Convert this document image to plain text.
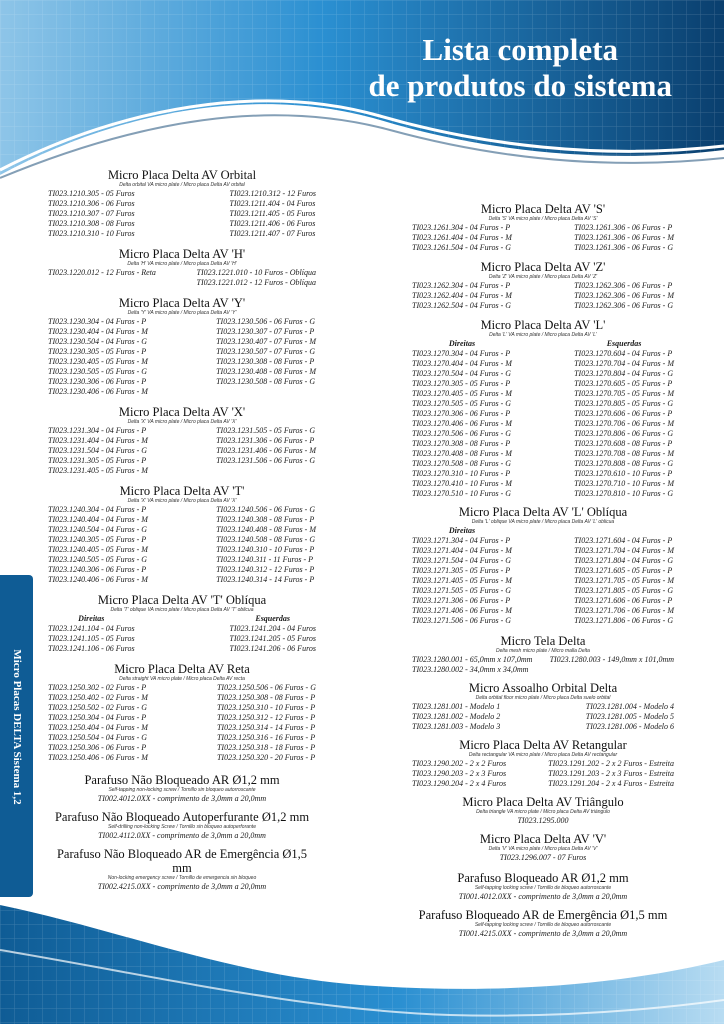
Lista completa
de produtos do sistema
Micro Placas DELTA Sistema 1,2
Micro Placa Delta AV Orbital
Delta orbital VA micro plate / Micro placa Delta AV orbital
TI023.1210.305 - 05 Furos
TI023.1210.306 - 06 Furos
TI023.1210.307 - 07 Furos
TI023.1210.308 - 08 Furos
TI023.1210.310 - 10 Furos
TI023.1210.312 - 12 Furos
TI023.1211.404 - 04 Furos
TI023.1211.405 - 05 Furos
TI023.1211.406 - 06 Furos
TI023.1211.407 - 07 Furos
Micro Placa Delta AV 'H'
Delta 'H' VA micro plate / Micro placa Delta AV 'H'
TI023.1220.012 - 12 Furos - Reta	TI023.1221.010 - 10 Furos - Oblíqua
TI023.1221.012 - 12 Furos - Oblíqua
Micro Placa Delta AV 'Y'
Delta 'Y' VA micro plate / Micro placa Delta AV 'Y'
TI023.1230.304 - 04 Furos - P
TI023.1230.404 - 04 Furos - M
TI023.1230.504 - 04 Furos - G
TI023.1230.305 - 05 Furos - P
TI023.1230.405 - 05 Furos - M
TI023.1230.505 - 05 Furos - G
TI023.1230.306 - 06 Furos - P
TI023.1230.406 - 06 Furos - M
TI023.1230.506 - 06 Furos - G
TI023.1230.307 - 07 Furos - P
TI023.1230.407 - 07 Furos - M
TI023.1230.507 - 07 Furos - G
TI023.1230.308 - 08 Furos - P
TI023.1230.408 - 08 Furos - M
TI023.1230.508 - 08 Furos - G
Micro Placa Delta AV 'X'
Delta 'X' VA micro plate / Micro placa Delta AV 'X'
TI023.1231.304 - 04 Furos - P
TI023.1231.404 - 04 Furos - M
TI023.1231.504 - 04 Furos - G
TI023.1231.305 - 05 Furos - P
TI023.1231.405 - 05 Furos - M
TI023.1231.505 - 05 Furos - G
TI023.1231.306 - 06 Furos - P
TI023.1231.406 - 06 Furos - M
TI023.1231.506 - 06 Furos - G
Micro Placa Delta AV 'T'
Delta 'X' VA micro plate / Micro placa Delta AV 'X'
TI023.1240.304 - 04 Furos - P
TI023.1240.404 - 04 Furos - M
TI023.1240.504 - 04 Furos - G
TI023.1240.305 - 05 Furos - P
TI023.1240.405 - 05 Furos - M
TI023.1240.505 - 05 Furos - G
TI023.1240.306 - 06 Furos - P
TI023.1240.406 - 06 Furos - M
TI023.1240.506 - 06 Furos - G
TI023.1240.308 - 08 Furos - P
TI023.1240.408 - 08 Furos - M
TI023.1240.508 - 08 Furos - G
TI023.1240.310 - 10 Furos - P
TI023.1240.311 - 11 Furos - P
TI023.1240.312 - 12 Furos - P
TI023.1240.314 - 14 Furos - P
Micro Placa Delta AV 'T' Oblíqua
Delta 'T' oblique VA micro plate / Micro placa Delta AV 'T' oblicua
Direitas
TI023.1241.104 - 04 Furos
TI023.1241.105 - 05 Furos
TI023.1241.106 - 06 Furos
Esquerdas
TI023.1241.204 - 04 Furos
TI023.1241.205 - 05 Furos
TI023.1241.206 - 06 Furos
Micro Placa Delta AV Reta
Delta straight VA micro plate / Micro placa Delta AV recta
TI023.1250.302 - 02 Furos - P
TI023.1250.402 - 02 Furos - M
TI023.1250.502 - 02 Furos - G
TI023.1250.304 - 04 Furos - P
TI023.1250.404 - 04 Furos - M
TI023.1250.504 - 04 Furos - G
TI023.1250.306 - 06 Furos - P
TI023.1250.406 - 06 Furos - M
TI023.1250.506 - 06 Furos - G
TI023.1250.308 - 08 Furos - P
TI023.1250.310 - 10 Furos - P
TI023.1250.312 - 12 Furos - P
TI023.1250.314 - 14 Furos - P
TI023.1250.316 - 16 Furos - P
TI023.1250.318 - 18 Furos - P
TI023.1250.320 - 20 Furos - P
Parafuso Não Bloqueado AR Ø1,2 mm
Self-tapping non-locking screw / Tornillo sin bloqueo autorroscante
TI002.4012.0XX - comprimento de 3,0mm a 20,0mm
Parafuso Não Bloqueado Autoperfurante Ø1,2 mm
Self-drilling non-locking Screw / Tornillo sin bloqueo autoperforante
TI002.4112.0XX - comprimento de 3,0mm a 20,0mm
Parafuso Não Bloqueado AR de Emergência Ø1,5 mm
Non-locking emergency screw / Tornillo de emergencia sin bloqueo
TI002.4215.0XX - comprimento de 3,0mm a 20,0mm
Micro Placa Delta AV 'S'
Delta 'S' VA micro plate / Micro placa Delta AV 'S'
TI023.1261.304 - 04 Furos - P
TI023.1261.404 - 04 Furos - M
TI023.1261.504 - 04 Furos - G
TI023.1261.306 - 06 Furos - P
TI023.1261.306 - 06 Furos - M
TI023.1261.306 - 06 Furos - G
Micro Placa Delta AV 'Z'
Delta 'Z' VA micro plate / Micro placa Delta AV 'Z'
TI023.1262.304 - 04 Furos - P
TI023.1262.404 - 04 Furos - M
TI023.1262.504 - 04 Furos - G
TI023.1262.306 - 06 Furos - P
TI023.1262.306 - 06 Furos - M
TI023.1262.306 - 06 Furos - G
Micro Placa Delta AV 'L'
Delta 'L' VA micro plate / Micro placa Delta AV 'L'
Direitas
TI023.1270.304 - 04 Furos - P
TI023.1270.404 - 04 Furos - M
TI023.1270.504 - 04 Furos - G
TI023.1270.305 - 05 Furos - P
TI023.1270.405 - 05 Furos - M
TI023.1270.505 - 05 Furos - G
TI023.1270.306 - 06 Furos - P
TI023.1270.406 - 06 Furos - M
TI023.1270.506 - 06 Furos - G
TI023.1270.308 - 08 Furos - P
TI023.1270.408 - 08 Furos - M
TI023.1270.508 - 08 Furos - G
TI023.1270.310 - 10 Furos - P
TI023.1270.410 - 10 Furos - M
TI023.1270.510 - 10 Furos - G
Esquerdas
TI023.1270.604 - 04 Furos - P
TI023.1270.704 - 04 Furos - M
TI023.1270.804 - 04 Furos - G
TI023.1270.605 - 05 Furos - P
TI023.1270.705 - 05 Furos - M
TI023.1270.805 - 05 Furos - G
TI023.1270.606 - 06 Furos - P
TI023.1270.706 - 06 Furos - M
TI023.1270.806 - 06 Furos - G
TI023.1270.608 - 08 Furos - P
TI023.1270.708 - 08 Furos - M
TI023.1270.808 - 08 Furos - G
TI023.1270.610 - 10 Furos - P
TI023.1270.710 - 10 Furos - M
TI023.1270.810 - 10 Furos - G
Micro Placa Delta AV 'L' Oblíqua
Delta 'L' oblique VA micro plate / Micro placa Delta AV 'L' oblicua
Direitas
TI023.1271.304 - 04 Furos - P
TI023.1271.404 - 04 Furos - M
TI023.1271.504 - 04 Furos - G
TI023.1271.305 - 05 Furos - P
TI023.1271.405 - 05 Furos - M
TI023.1271.505 - 05 Furos - G
TI023.1271.306 - 06 Furos - P
TI023.1271.406 - 06 Furos - M
TI023.1271.506 - 06 Furos - G

TI023.1271.604 - 04 Furos - P
TI023.1271.704 - 04 Furos - M
TI023.1271.804 - 04 Furos - G
TI023.1271.605 - 05 Furos - P
TI023.1271.705 - 05 Furos - M
TI023.1271.805 - 05 Furos - G
TI023.1271.606 - 06 Furos - P
TI023.1271.706 - 06 Furos - M
TI023.1271.806 - 06 Furos - G
Micro Tela Delta
Delta mesh micro plate / Micro malla Delta
TI023.1280.001 - 65,0mm x 107,0mm
TI023.1280.002 - 34,0mm x 34,0mm
TI023.1280.003 - 149,0mm x 101,0mm
Micro Assoalho Orbital Delta
Delta orbital floor micro plate / Micro placa Delta suelo orbital
TI023.1281.001 - Modelo 1
TI023.1281.002 - Modelo 2
TI023.1281.003 - Modelo 3
TI023.1281.004 - Modelo 4
TI023.1281.005 - Modelo 5
TI023.1281.006 - Modelo 6
Micro Placa Delta AV Retangular
Delta rectangular VA micro plate / Micro placa Delta AV rectangular
TI023.1290.202 - 2 x 2 Furos
TI023.1290.203 - 2 x 3 Furos
TI023.1290.204 - 2 x 4 Furos
TI023.1291.202 - 2 x 2 Furos - Estreita
TI023.1291.203 - 2 x 3 Furos - Estreita
TI023.1291.204 - 2 x 4 Furos - Estreita
Micro Placa Delta AV Triângulo
Delta triangle VA micro plate / Micro placa Delta AV triángulo
TI023.1295.000
Micro Placa Delta AV 'V'
Delta 'V' VA micro plate / Micro placa Delta AV 'V'
TI023.1296.007 - 07 Furos
Parafuso Bloqueado AR Ø1,2 mm
Self-tapping locking screw / Tornillo de bloqueo autorroscante
TI001.4012.0XX - comprimento de 3,0mm a 20,0mm
Parafuso Bloqueado AR de Emergência Ø1,5 mm
Self-tapping locking screw / Tornillo de bloqueo autorroscante
TI001.4215.0XX - comprimento de 3,0mm a 20,0mm
